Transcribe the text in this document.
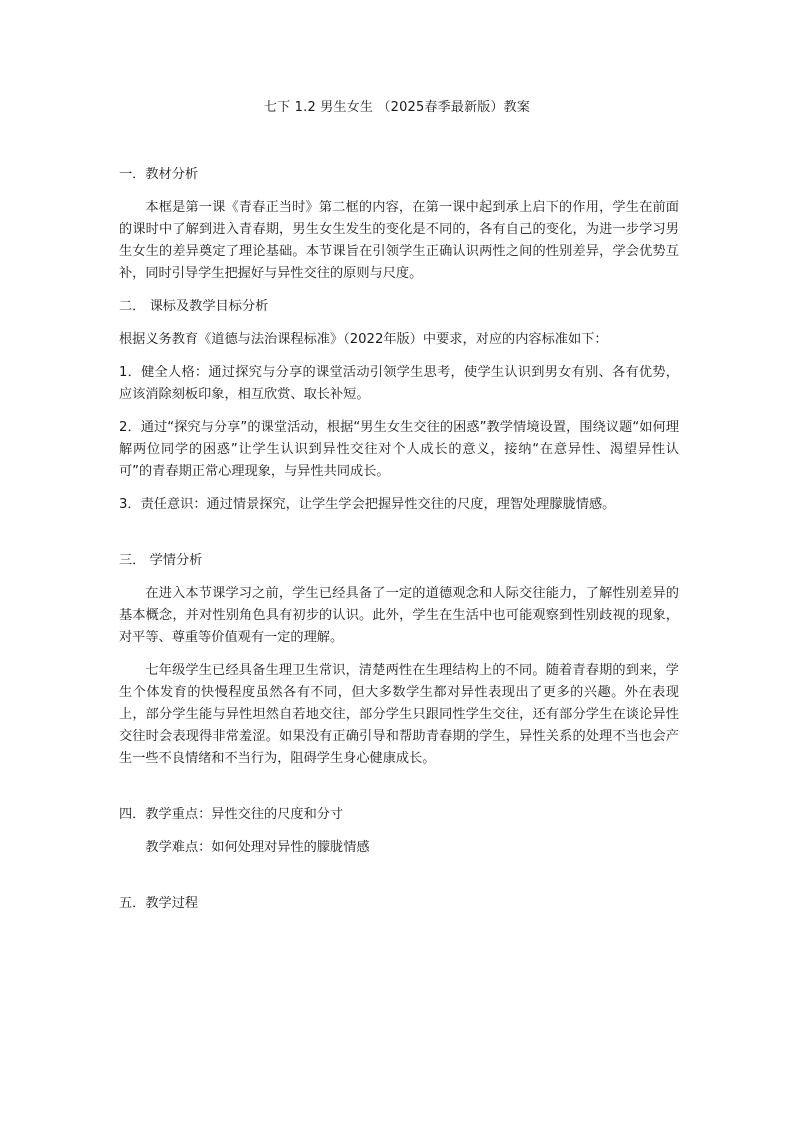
七下 1.2 男生女生 （2025春季最新版）教案

一．教材分析

本框是第一课《青春正当时》第二框的内容，在第一课中起到承上启下的作用，学生在前面的课时中了解到进入青春期，男生女生发生的变化是不同的，各有自己的变化，为进一步学习男生女生的差异奠定了理论基础。本节课旨在引领学生正确认识两性之间的性别差异，学会优势互补，同时引导学生把握好与异性交往的原则与尺度。

二． 课标及教学目标分析

根据义务教育《道德与法治课程标准》（2022年版）中要求，对应的内容标准如下：

1．健全人格：通过探究与分享的课堂活动引领学生思考，使学生认识到男女有别、各有优势，应该消除刻板印象，相互欣赏、取长补短。

2．通过“探究与分享”的课堂活动，根据“男生女生交往的困惑”教学情境设置，围绕议题“如何理解两位同学的困惑”让学生认识到异性交往对个人成长的意义，接纳“在意异性、渴望异性认可”的青春期正常心理现象，与异性共同成长。

3．责任意识：通过情景探究，让学生学会把握异性交往的尺度，理智处理朦胧情感。

三． 学情分析

在进入本节课学习之前，学生已经具备了一定的道德观念和人际交往能力，了解性别差异的基本概念，并对性别角色具有初步的认识。此外，学生在生活中也可能观察到性别歧视的现象，对平等、尊重等价值观有一定的理解。

七年级学生已经具备生理卫生常识，清楚两性在生理结构上的不同。随着青春期的到来，学生个体发育的快慢程度虽然各有不同，但大多数学生都对异性表现出了更多的兴趣。外在表现上，部分学生能与异性坦然自若地交往，部分学生只跟同性学生交往，还有部分学生在谈论异性交往时会表现得非常羞涩。如果没有正确引导和帮助青春期的学生，异性关系的处理不当也会产生一些不良情绪和不当行为，阻碍学生身心健康成长。

四．教学重点：异性交往的尺度和分寸

教学难点：如何处理对异性的朦胧情感

五．教学过程
